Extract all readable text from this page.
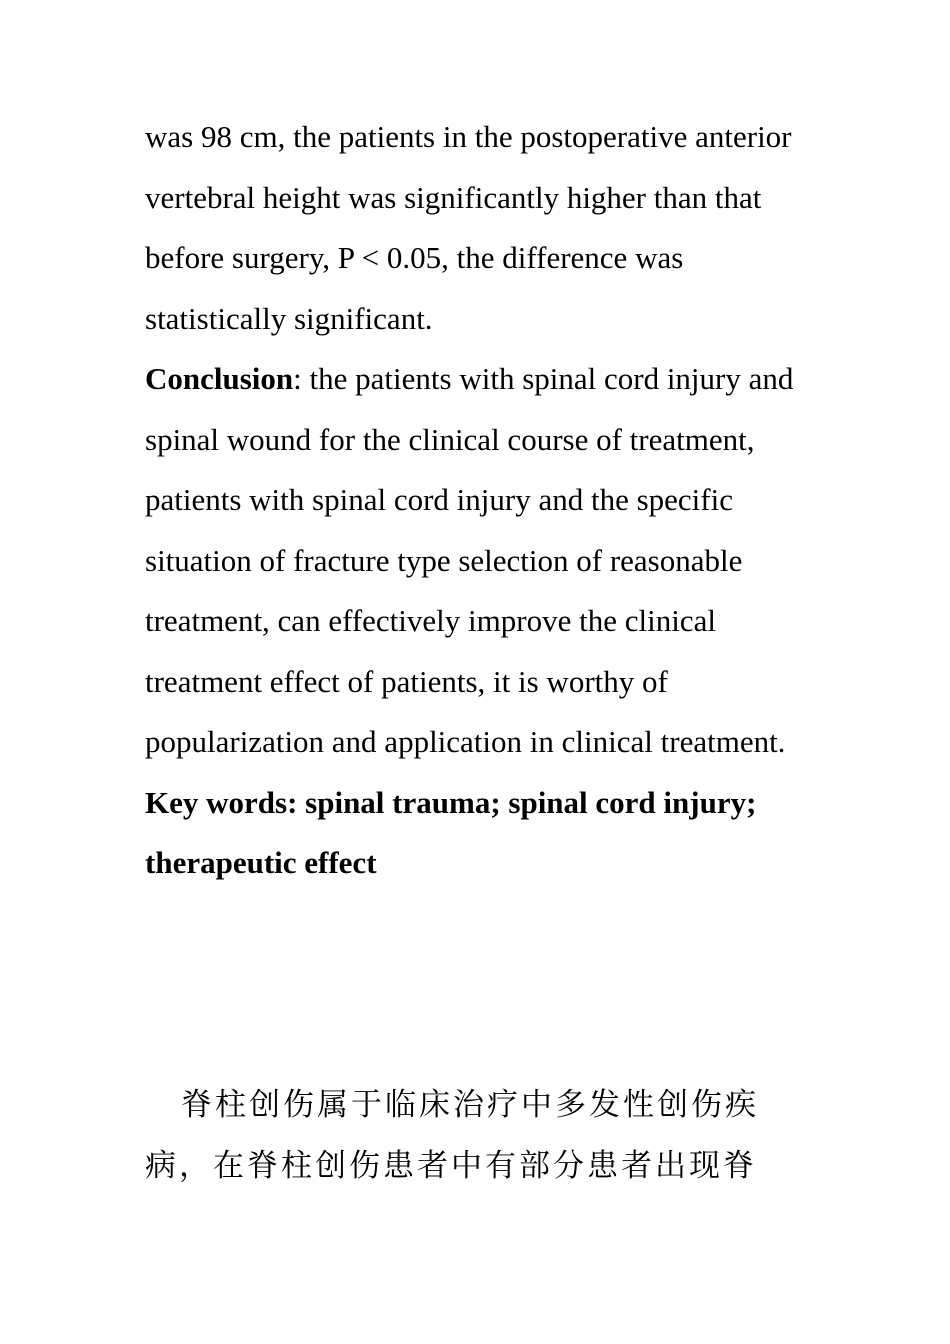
was 98 cm, the patients in the postoperative anterior vertebral height was significantly higher than that before surgery, P < 0.05, the difference was statistically significant.

Conclusion: the patients with spinal cord injury and spinal wound for the clinical course of treatment, patients with spinal cord injury and the specific situation of fracture type selection of reasonable treatment, can effectively improve the clinical treatment effect of patients, it is worthy of popularization and application in clinical treatment.

Key words: spinal trauma; spinal cord injury; therapeutic effect

脊柱创伤属于临床治疗中多发性创伤疾病，在脊柱创伤患者中有部分患者出现脊
